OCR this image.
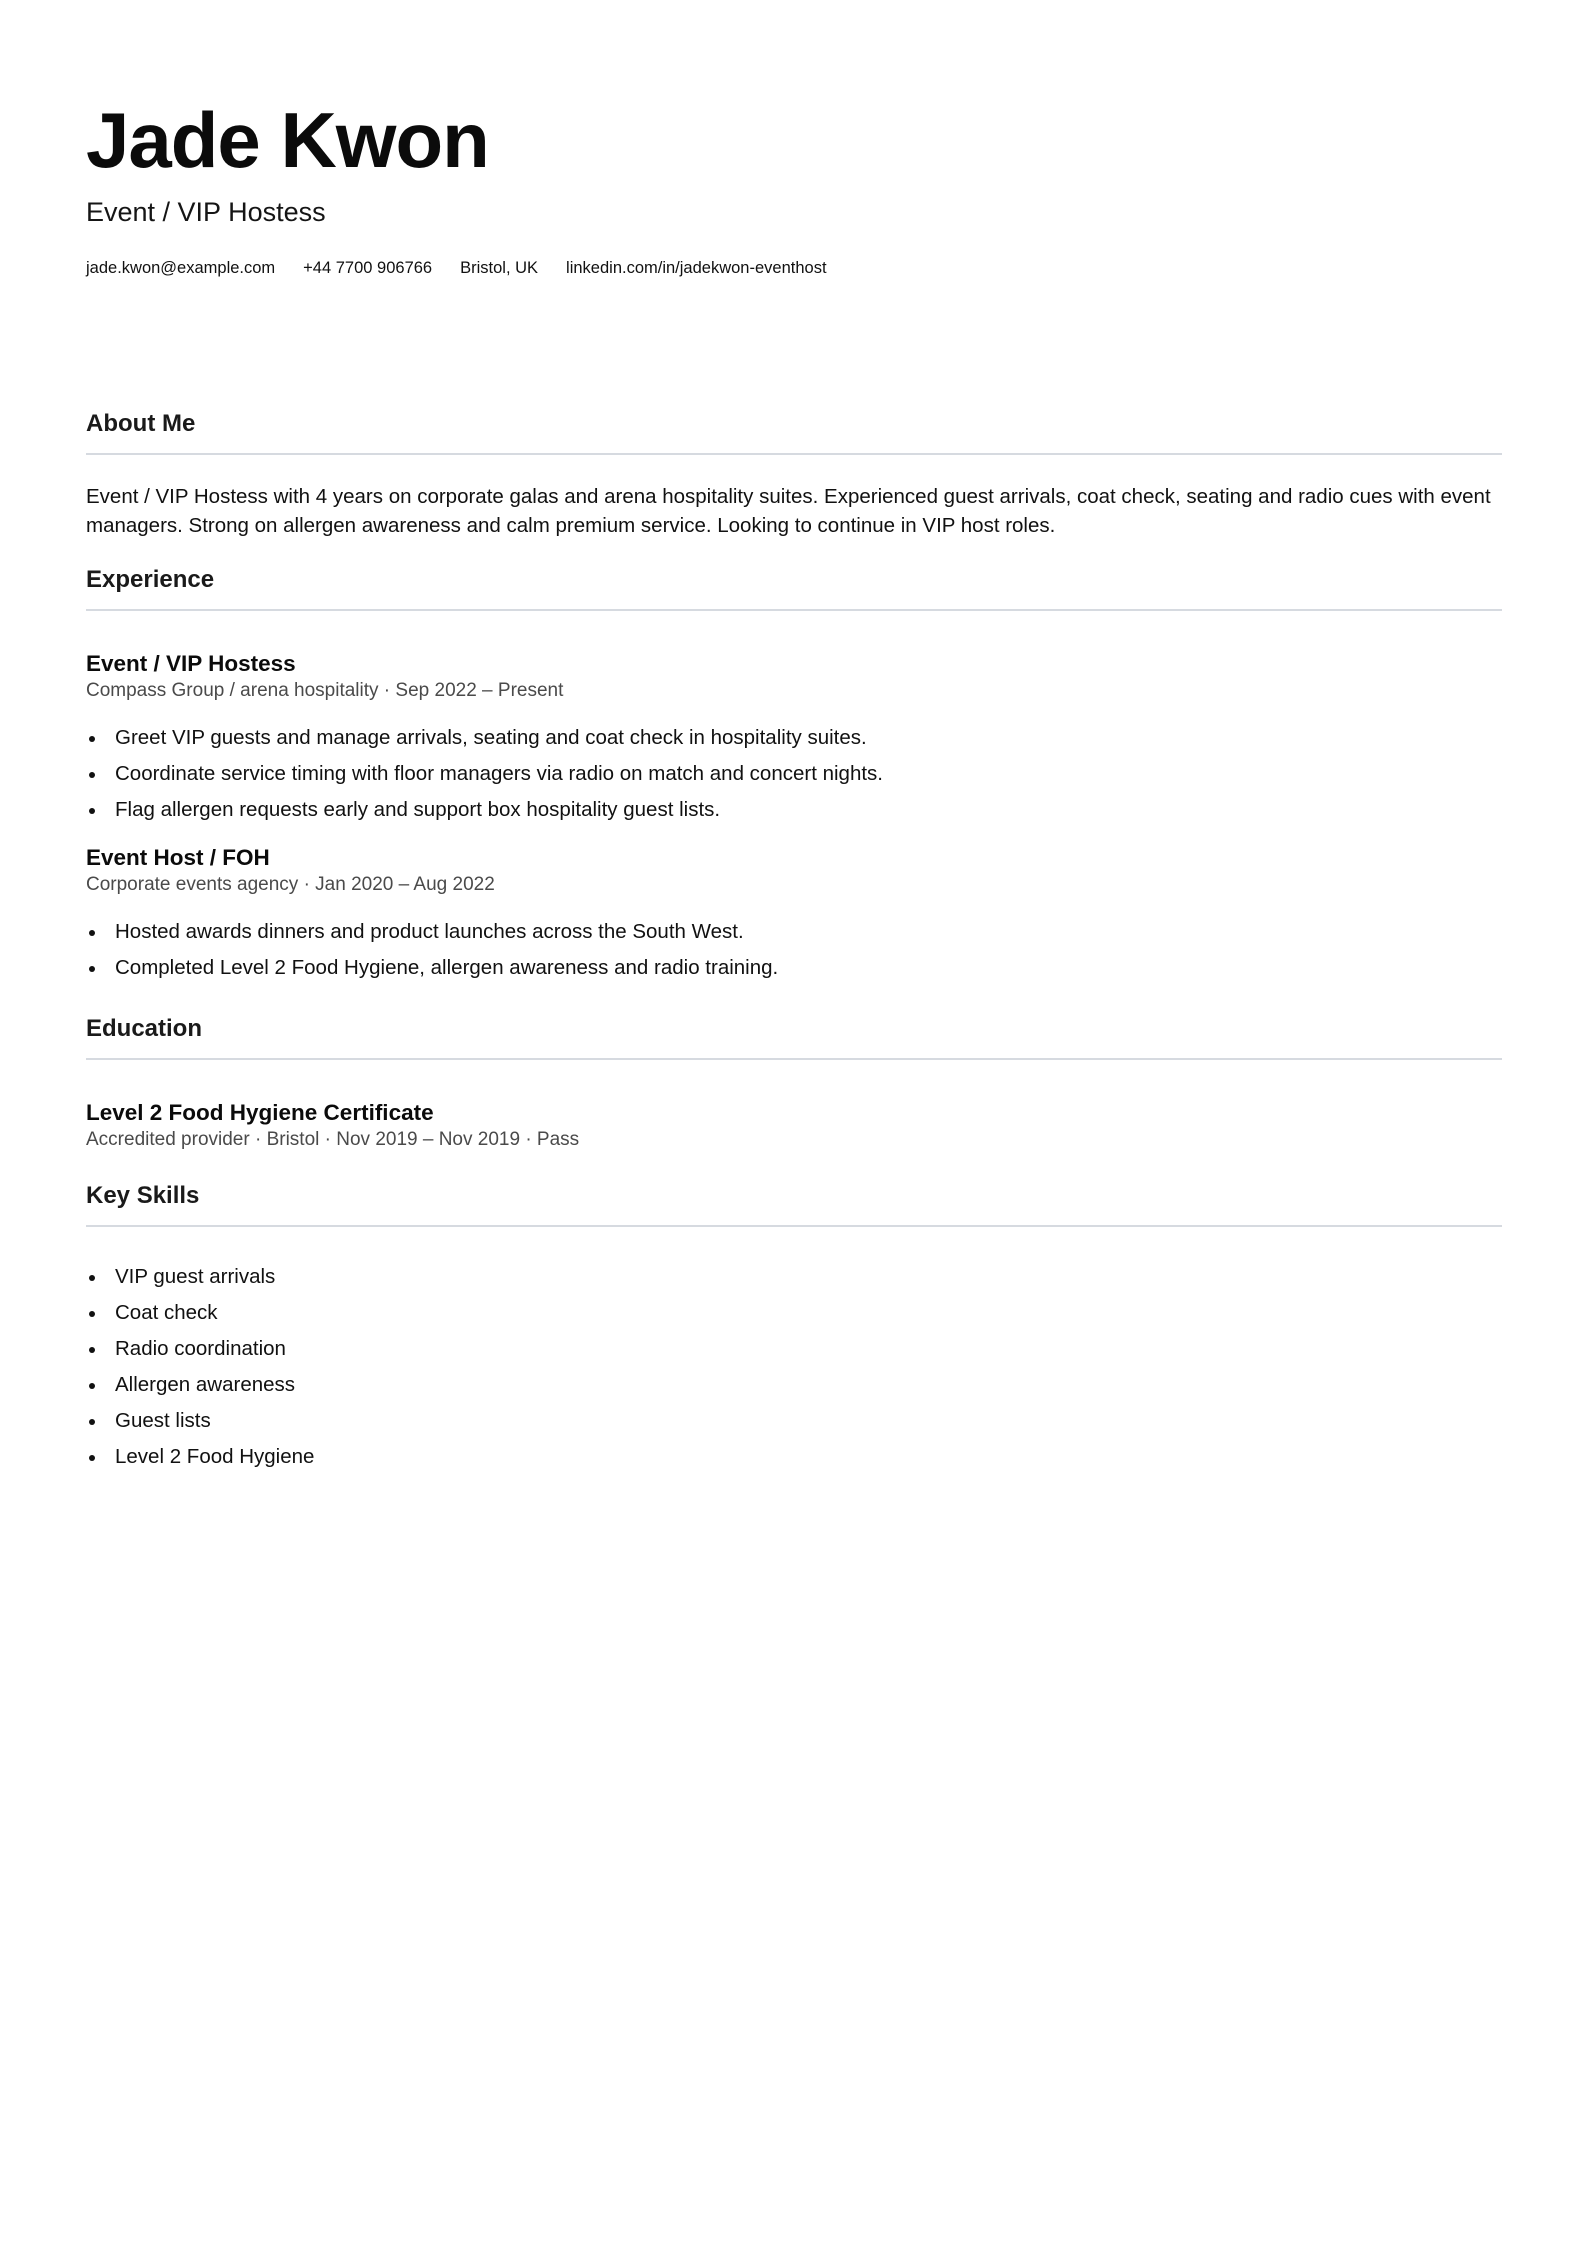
Jade Kwon
Event / VIP Hostess
jade.kwon@example.com +44 7700 906766 Bristol, UK linkedin.com/in/jadekwon-eventhost
About Me
Event / VIP Hostess with 4 years on corporate galas and arena hospitality suites. Experienced guest arrivals, coat check, seating and radio cues with event managers. Strong on allergen awareness and calm premium service. Looking to continue in VIP host roles.
Experience
Event / VIP Hostess
Compass Group / arena hospitality · Sep 2022 – Present
Greet VIP guests and manage arrivals, seating and coat check in hospitality suites.
Coordinate service timing with floor managers via radio on match and concert nights.
Flag allergen requests early and support box hospitality guest lists.
Event Host / FOH
Corporate events agency · Jan 2020 – Aug 2022
Hosted awards dinners and product launches across the South West.
Completed Level 2 Food Hygiene, allergen awareness and radio training.
Education
Level 2 Food Hygiene Certificate
Accredited provider · Bristol · Nov 2019 – Nov 2019 · Pass
Key Skills
VIP guest arrivals
Coat check
Radio coordination
Allergen awareness
Guest lists
Level 2 Food Hygiene
